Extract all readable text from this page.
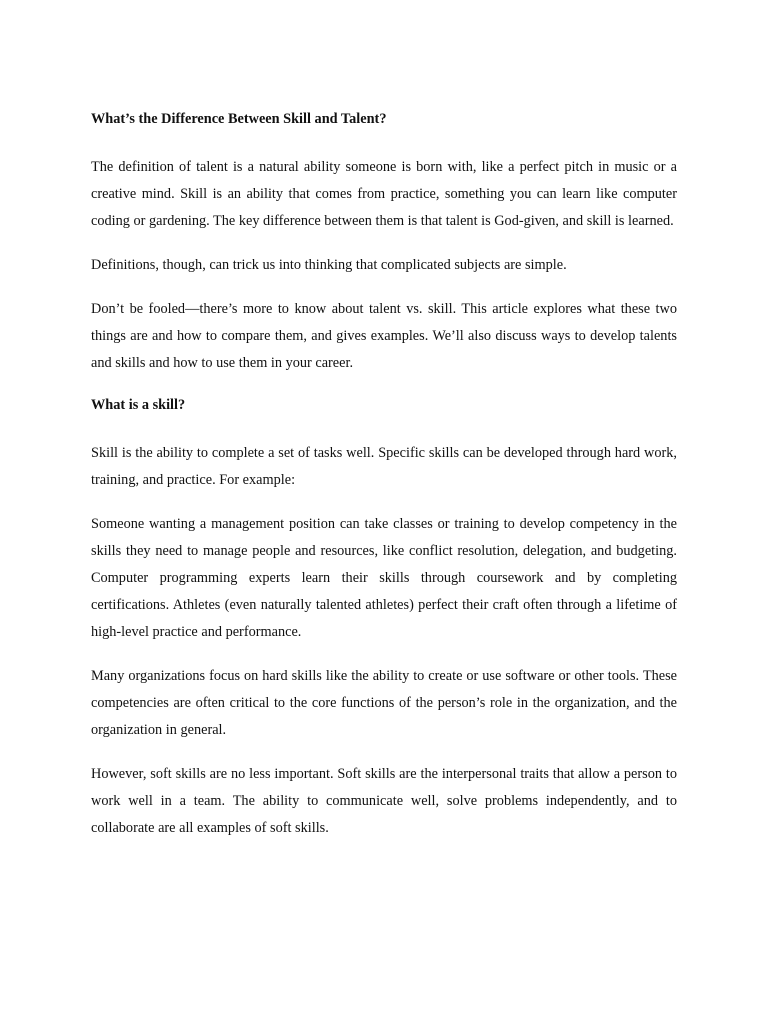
What’s the Difference Between Skill and Talent?

The definition of talent is a natural ability someone is born with, like a perfect pitch in music or a creative mind. Skill is an ability that comes from practice, something you can learn like computer coding or gardening. The key difference between them is that talent is God-given, and skill is learned.

Definitions, though, can trick us into thinking that complicated subjects are simple.

Don’t be fooled—there’s more to know about talent vs. skill. This article explores what these two things are and how to compare them, and gives examples. We’ll also discuss ways to develop talents and skills and how to use them in your career.

What is a skill?

Skill is the ability to complete a set of tasks well. Specific skills can be developed through hard work, training, and practice. For example:

Someone wanting a management position can take classes or training to develop competency in the skills they need to manage people and resources, like conflict resolution, delegation, and budgeting. Computer programming experts learn their skills through coursework and by completing certifications. Athletes (even naturally talented athletes) perfect their craft often through a lifetime of high-level practice and performance.

Many organizations focus on hard skills like the ability to create or use software or other tools. These competencies are often critical to the core functions of the person’s role in the organization, and the organization in general.

However, soft skills are no less important. Soft skills are the interpersonal traits that allow a person to work well in a team. The ability to communicate well, solve problems independently, and to collaborate are all examples of soft skills.
